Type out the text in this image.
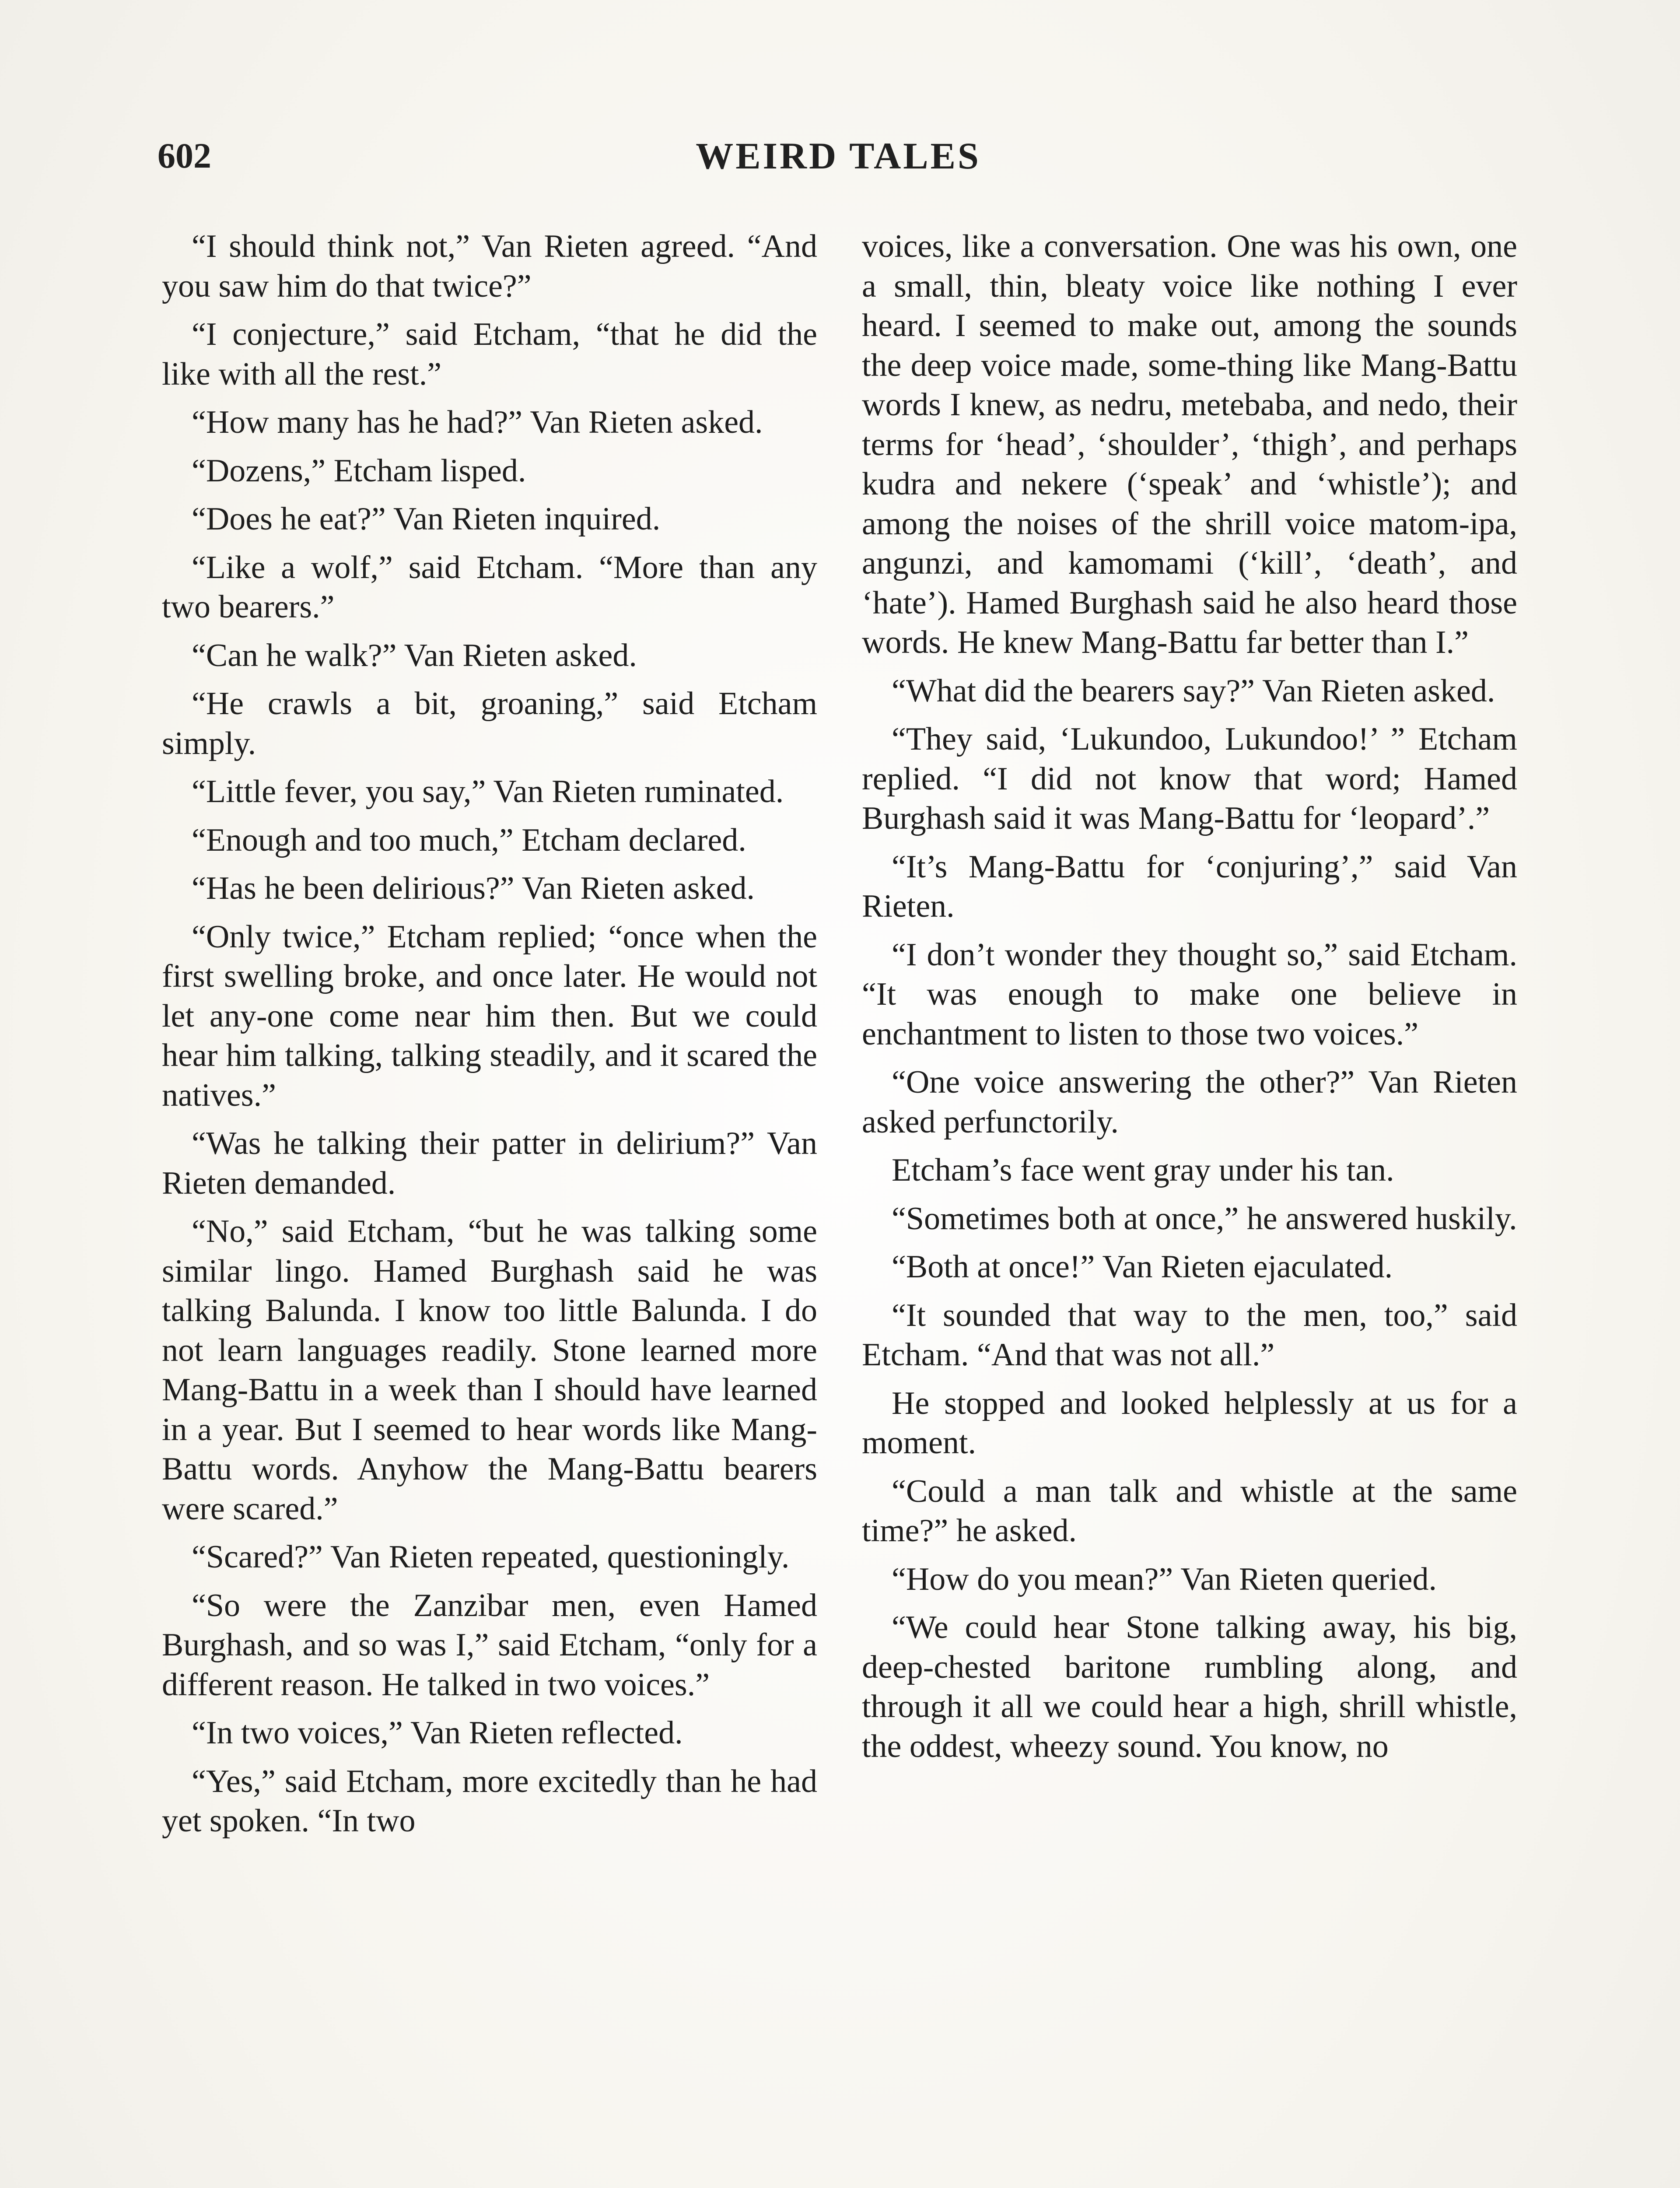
602	WEIRD TALES

“I should think not,” Van Rieten agreed. “And you saw him do that twice?”

“I conjecture,” said Etcham, “that he did the like with all the rest.”

“How many has he had?” Van Rieten asked.

“Dozens,” Etcham lisped.

“Does he eat?” Van Rieten inquired.

“Like a wolf,” said Etcham. “More than any two bearers.”

“Can he walk?” Van Rieten asked.

“He crawls a bit, groaning,” said Etcham simply.

“Little fever, you say,” Van Rieten ruminated.

“Enough and too much,” Etcham declared.

“Has he been delirious?” Van Rieten asked.

“Only twice,” Etcham replied; “once when the first swelling broke, and once later. He would not let any-one come near him then. But we could hear him talking, talking steadily, and it scared the natives.”

“Was he talking their patter in delirium?” Van Rieten demanded.

“No,” said Etcham, “but he was talking some similar lingo. Hamed Burghash said he was talking Balunda. I know too little Balunda. I do not learn languages readily. Stone learned more Mang-Battu in a week than I should have learned in a year. But I seemed to hear words like Mang-Battu words. Anyhow the Mang-Battu bearers were scared.”

“Scared?” Van Rieten repeated, questioningly.

“So were the Zanzibar men, even Hamed Burghash, and so was I,” said Etcham, “only for a different reason. He talked in two voices.”

“In two voices,” Van Rieten reflected.

“Yes,” said Etcham, more excitedly than he had yet spoken. “In two

voices, like a conversation. One was his own, one a small, thin, bleaty voice like nothing I ever heard. I seemed to make out, among the sounds the deep voice made, some-thing like Mang-Battu words I knew, as nedru, metebaba, and nedo, their terms for ‘head’, ‘shoulder’, ‘thigh’, and perhaps kudra and nekere (‘speak’ and ‘whistle’); and among the noises of the shrill voice matom-ipa, angunzi, and kamomami (‘kill’, ‘death’, and ‘hate’). Hamed Burghash said he also heard those words. He knew Mang-Battu far better than I.”

“What did the bearers say?” Van Rieten asked.

“They said, ‘Lukundoo, Lukundoo!’ ” Etcham replied. “I did not know that word; Hamed Burghash said it was Mang-Battu for ‘leopard’.”

“It’s Mang-Battu for ‘conjuring’,” said Van Rieten.

“I don’t wonder they thought so,” said Etcham. “It was enough to make one believe in enchantment to listen to those two voices.”

“One voice answering the other?” Van Rieten asked perfunctorily.

Etcham’s face went gray under his tan.

“Sometimes both at once,” he answered huskily.

“Both at once!” Van Rieten ejaculated.

“It sounded that way to the men, too,” said Etcham. “And that was not all.”

He stopped and looked helplessly at us for a moment.

“Could a man talk and whistle at the same time?” he asked.

“How do you mean?” Van Rieten queried.

“We could hear Stone talking away, his big, deep-chested baritone rumbling along, and through it all we could hear a high, shrill whistle, the oddest, wheezy sound. You know, no
